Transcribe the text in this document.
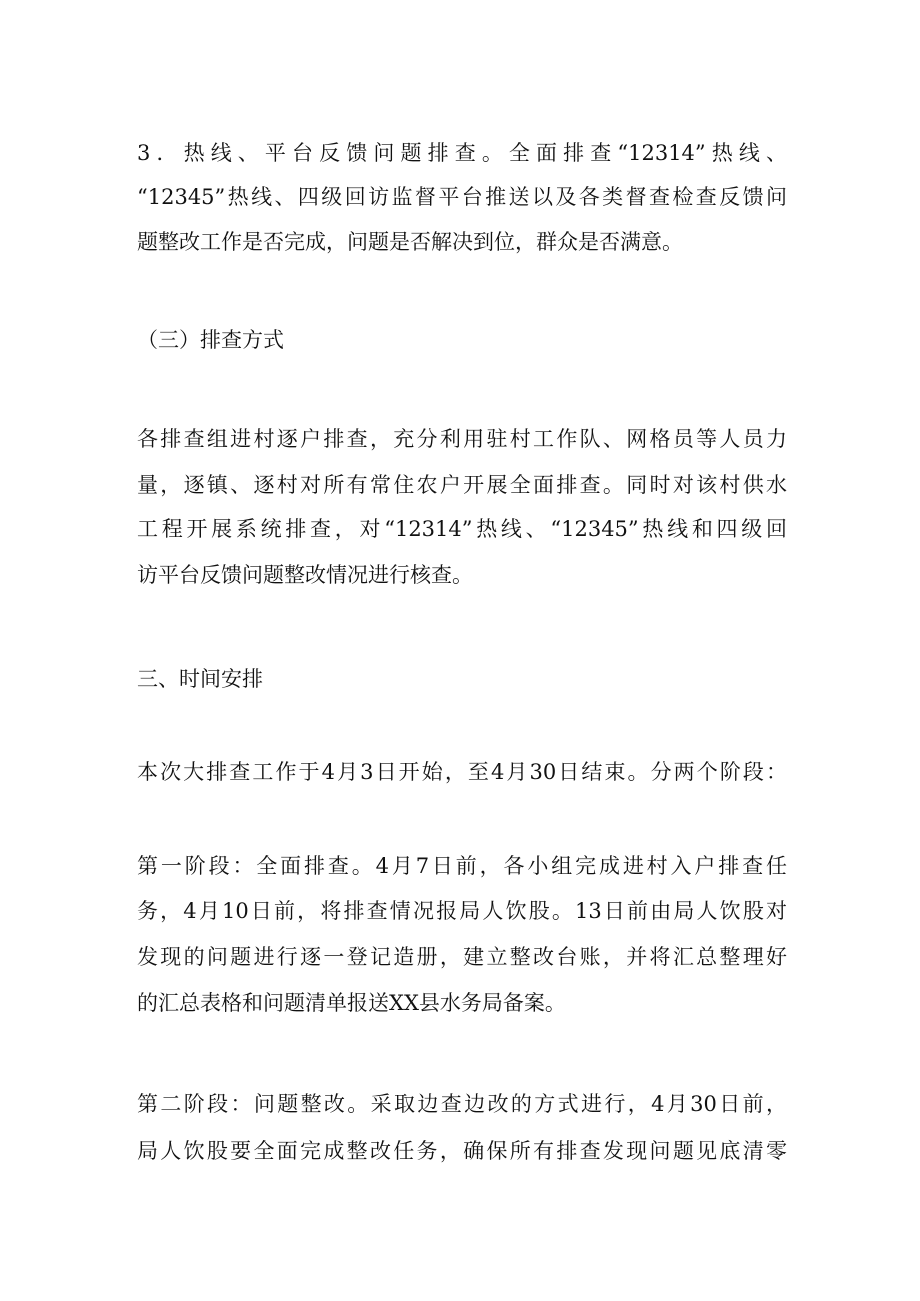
3．热线、平台反馈问题排查。全面排查“12314”热线、

“12345”热线、四级回访监督平台推送以及各类督查检查反馈问

题整改工作是否完成，问题是否解决到位，群众是否满意。

（三）排查方式

各排查组进村逐户排查，充分利用驻村工作队、网格员等人员力

量，逐镇、逐村对所有常住农户开展全面排查。同时对该村供水

工程开展系统排查，对“12314”热线、“12345”热线和四级回

访平台反馈问题整改情况进行核查。

三、时间安排

本次大排查工作于4月3日开始，至4月30日结束。分两个阶段：

第一阶段：全面排查。4月7日前，各小组完成进村入户排查任

务，4月10日前，将排查情况报局人饮股。13日前由局人饮股对

发现的问题进行逐一登记造册，建立整改台账，并将汇总整理好

的汇总表格和问题清单报送XX县水务局备案。

第二阶段：问题整改。采取边查边改的方式进行，4月30日前，

局人饮股要全面完成整改任务，确保所有排查发现问题见底清零
